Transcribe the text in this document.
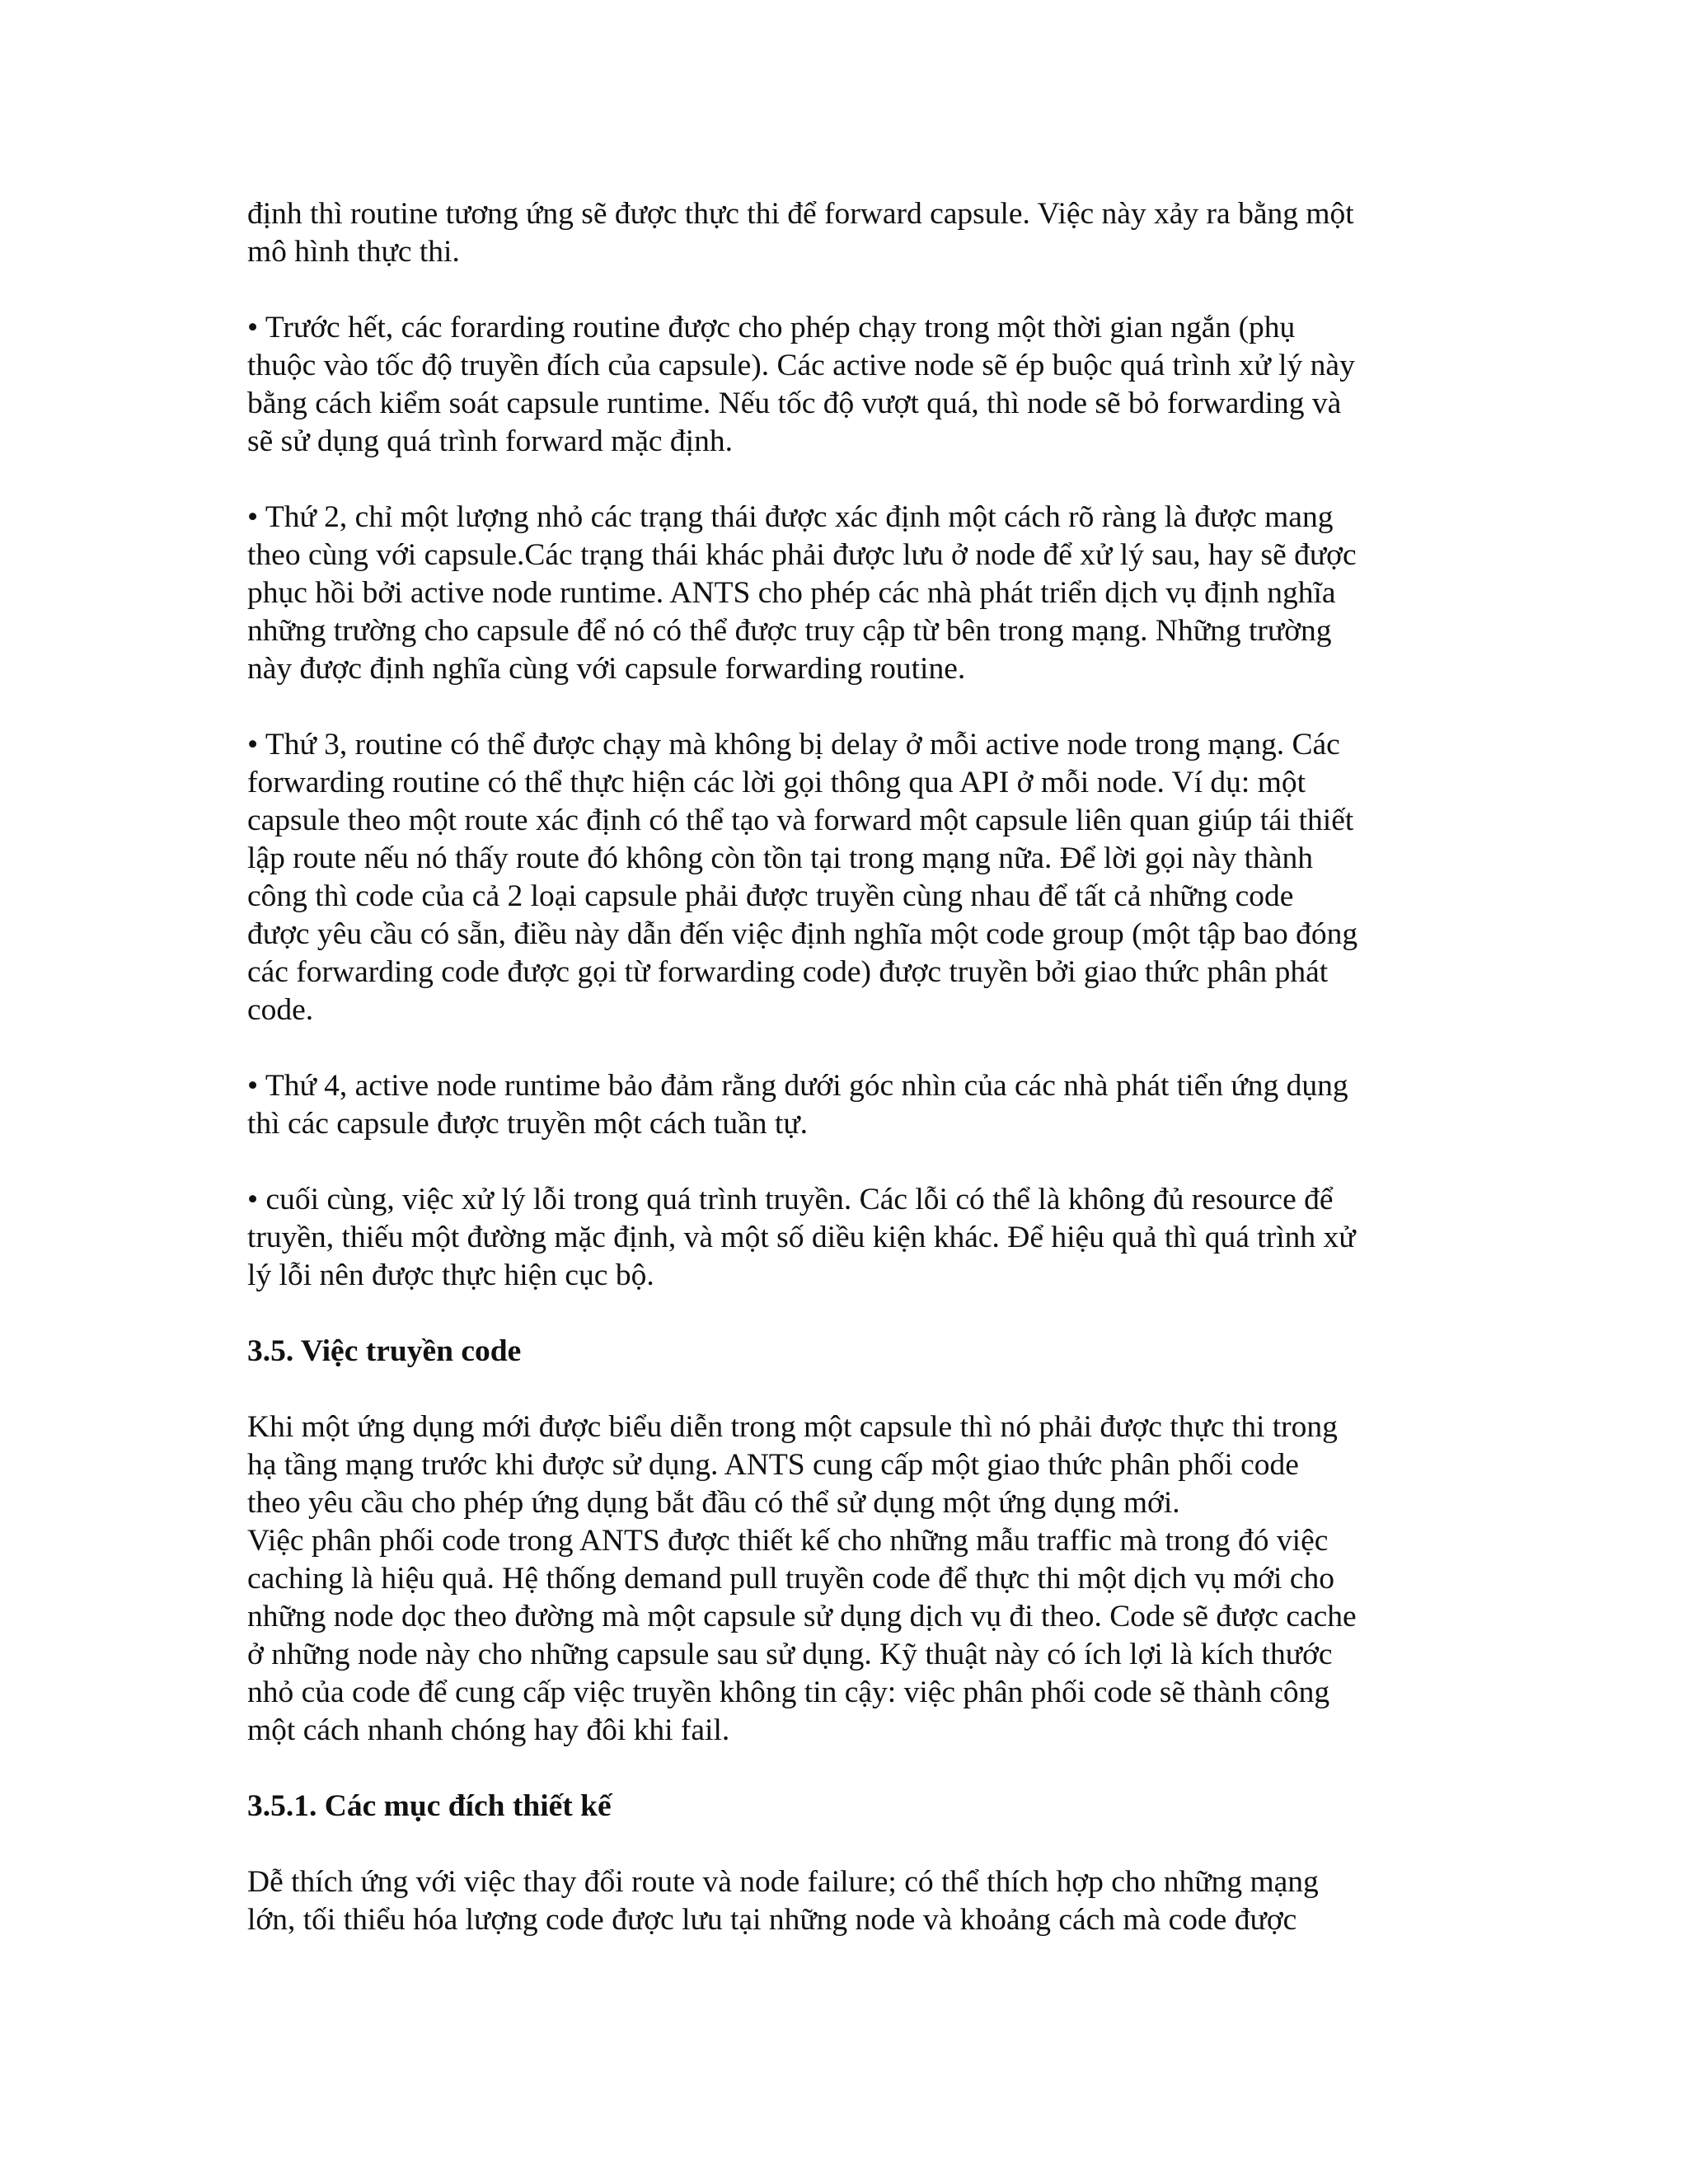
định thì routine tương ứng sẽ được thực thi để forward capsule. Việc này xảy ra bằng một
mô hình thực thi.
• Trước hết, các forarding routine được cho phép chạy trong một thời gian ngắn (phụ
thuộc vào tốc độ truyền đích của capsule). Các active node sẽ ép buộc quá trình xử lý này
bằng cách kiểm soát capsule runtime. Nếu tốc độ vượt quá, thì node sẽ bỏ forwarding và
sẽ sử dụng quá trình forward mặc định.
• Thứ 2, chỉ một lượng nhỏ các trạng thái được xác định một cách rõ ràng là được mang
theo cùng với capsule.Các trạng thái khác phải được lưu ở node để xử lý sau, hay sẽ được
phục hồi bởi active node runtime. ANTS cho phép các nhà phát triển dịch vụ định nghĩa
những trường cho capsule để nó có thể được truy cập từ bên trong mạng. Những trường
này được định nghĩa cùng với capsule forwarding routine.
• Thứ 3, routine có thể được chạy mà không bị delay ở mỗi active node trong mạng. Các
forwarding routine có thể thực hiện các lời gọi thông qua API ở mỗi node. Ví dụ: một
capsule theo một route xác định có thể tạo và forward một capsule liên quan giúp tái thiết
lập route nếu nó thấy route đó không còn tồn tại trong mạng nữa. Để lời gọi này thành
công thì code của cả 2 loại capsule phải được truyền cùng nhau để tất cả những code
được yêu cầu có sẵn, điều này dẫn đến việc định nghĩa một code group (một tập bao đóng
các forwarding code được gọi từ forwarding code) được truyền bởi giao thức phân phát
code.
• Thứ 4, active node runtime bảo đảm rằng dưới góc nhìn của các nhà phát tiển ứng dụng
thì các capsule được truyền một cách tuần tự.
• cuối cùng, việc xử lý lỗi trong quá trình truyền. Các lỗi có thể là không đủ resource để
truyền, thiếu một đường mặc định, và một số diều kiện khác. Để hiệu quả thì quá trình xử
lý lỗi nên được thực hiện cục bộ.
3.5. Việc truyền code
Khi một ứng dụng mới được biểu diễn trong một capsule thì nó phải được thực thi trong
hạ tầng mạng trước khi được sử dụng. ANTS cung cấp một giao thức phân phối code
theo yêu cầu cho phép ứng dụng bắt đầu có thể sử dụng một ứng dụng mới.
Việc phân phối code trong ANTS được thiết kế cho những mẫu traffic mà trong đó việc
caching là hiệu quả. Hệ thống demand pull truyền code để thực thi một dịch vụ mới cho
những node dọc theo đường mà một capsule sử dụng dịch vụ đi theo. Code sẽ được cache
ở những node này cho những capsule sau sử dụng. Kỹ thuật này có ích lợi là kích thước
nhỏ của code để cung cấp việc truyền không tin cậy: việc phân phối code sẽ thành công
một cách nhanh chóng hay đôi khi fail.
3.5.1. Các mục đích thiết kế
Dễ thích ứng với việc thay đổi route và node failure; có thể thích hợp cho những mạng
lớn, tối thiểu hóa lượng code được lưu tại những node và khoảng cách mà code được
